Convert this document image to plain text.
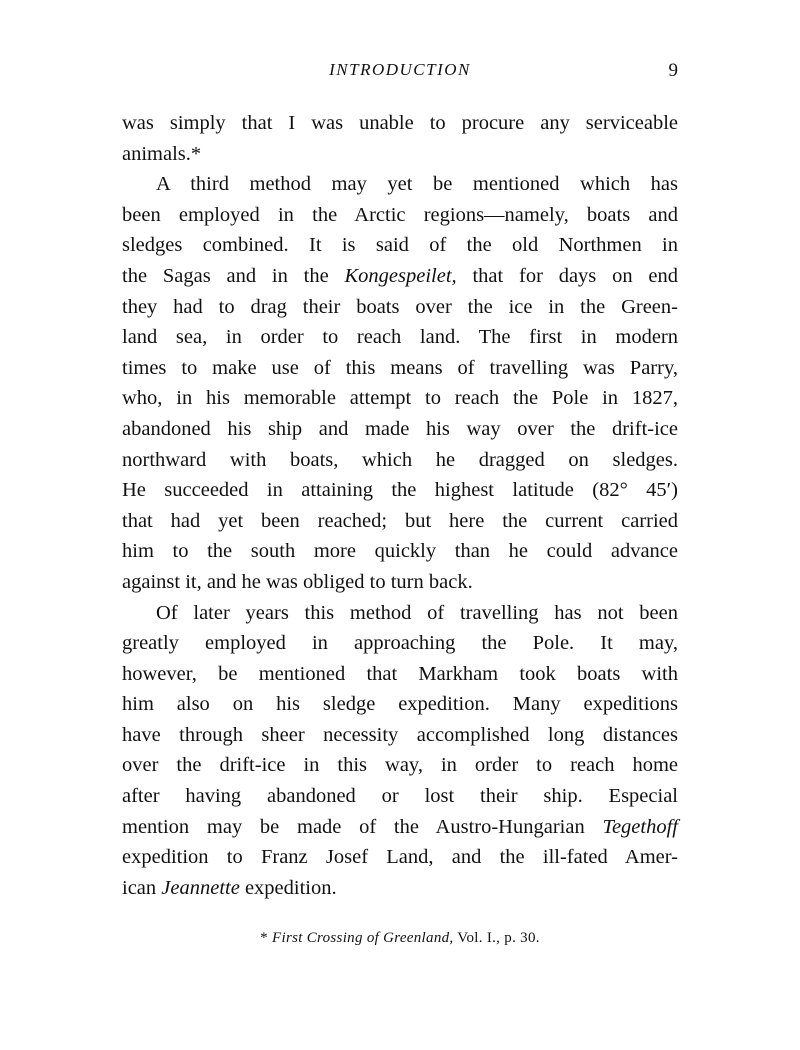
INTRODUCTION	9
was simply that I was unable to procure any serviceable
animals.*
A third method may yet be mentioned which has
been employed in the Arctic regions—namely, boats and
sledges combined. It is said of the old Northmen in
the Sagas and in the Kongespeilet, that for days on end
they had to drag their boats over the ice in the Green-
land sea, in order to reach land. The first in modern
times to make use of this means of travelling was Parry,
who, in his memorable attempt to reach the Pole in 1827,
abandoned his ship and made his way over the drift-ice
northward with boats, which he dragged on sledges.
He succeeded in attaining the highest latitude (82° 45′)
that had yet been reached; but here the current carried
him to the south more quickly than he could advance
against it, and he was obliged to turn back.
Of later years this method of travelling has not been
greatly employed in approaching the Pole. It may,
however, be mentioned that Markham took boats with
him also on his sledge expedition. Many expeditions
have through sheer necessity accomplished long distances
over the drift-ice in this way, in order to reach home
after having abandoned or lost their ship. Especial
mention may be made of the Austro-Hungarian Tegethoff
expedition to Franz Josef Land, and the ill-fated Amer-
ican Jeannette expedition.
* First Crossing of Greenland, Vol. I., p. 30.
